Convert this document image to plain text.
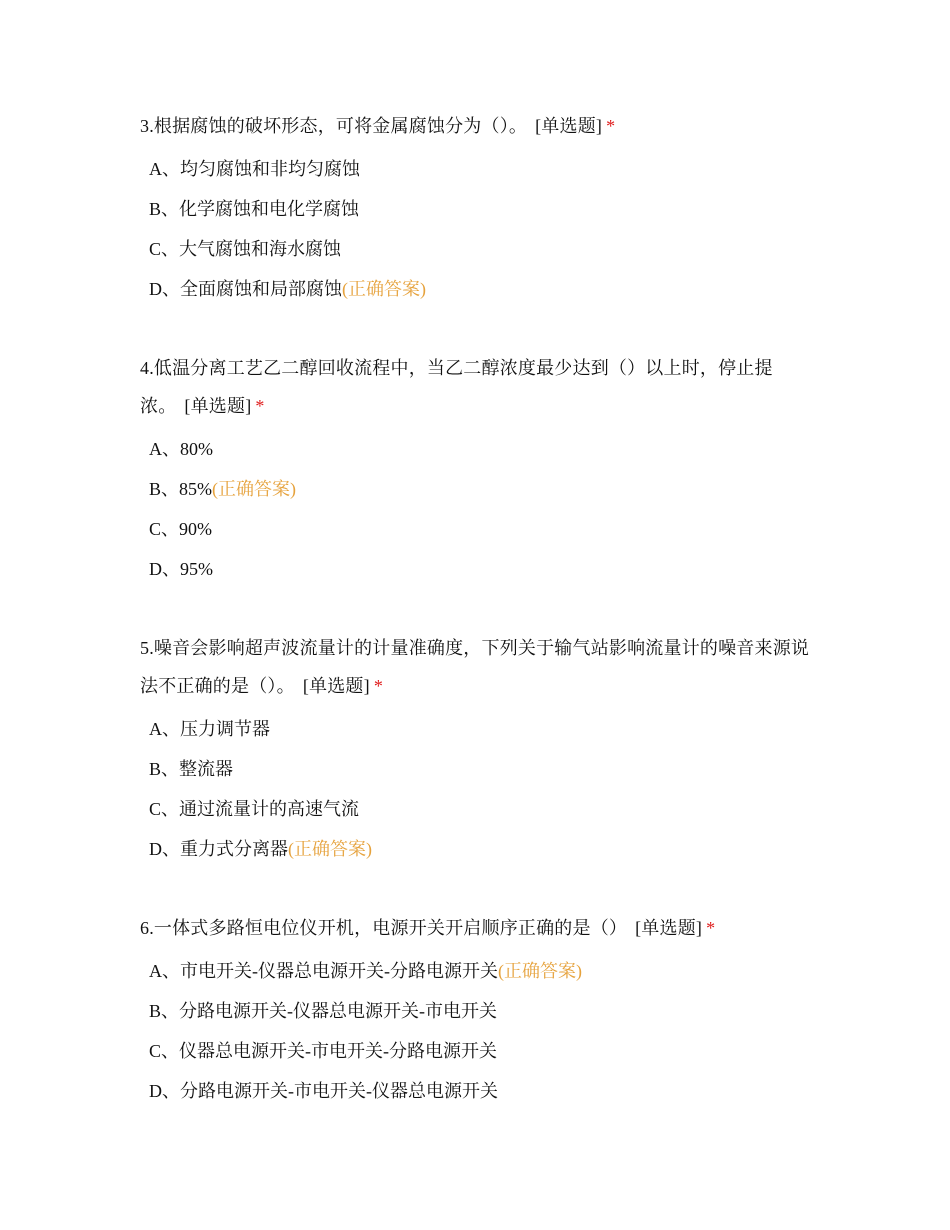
3.根据腐蚀的破坏形态，可将金属腐蚀分为（）。 [单选题] *

A、均匀腐蚀和非均匀腐蚀
B、化学腐蚀和电化学腐蚀
C、大气腐蚀和海水腐蚀
D、全面腐蚀和局部腐蚀(正确答案)

4.低温分离工艺乙二醇回收流程中，当乙二醇浓度最少达到（）以上时，停止提浓。 [单选题] *

A、80%
B、85%(正确答案)
C、90%
D、95%

5.噪音会影响超声波流量计的计量准确度，下列关于输气站影响流量计的噪音来源说 法不正确的是（）。 [单选题] *

A、压力调节器
B、整流器
C、通过流量计的高速气流
D、重力式分离器(正确答案)

6.一体式多路恒电位仪开机，电源开关开启顺序正确的是（） [单选题] *

A、市电开关-仪器总电源开关-分路电源开关(正确答案)
B、分路电源开关-仪器总电源开关-市电开关
C、仪器总电源开关-市电开关-分路电源开关
D、分路电源开关-市电开关-仪器总电源开关
